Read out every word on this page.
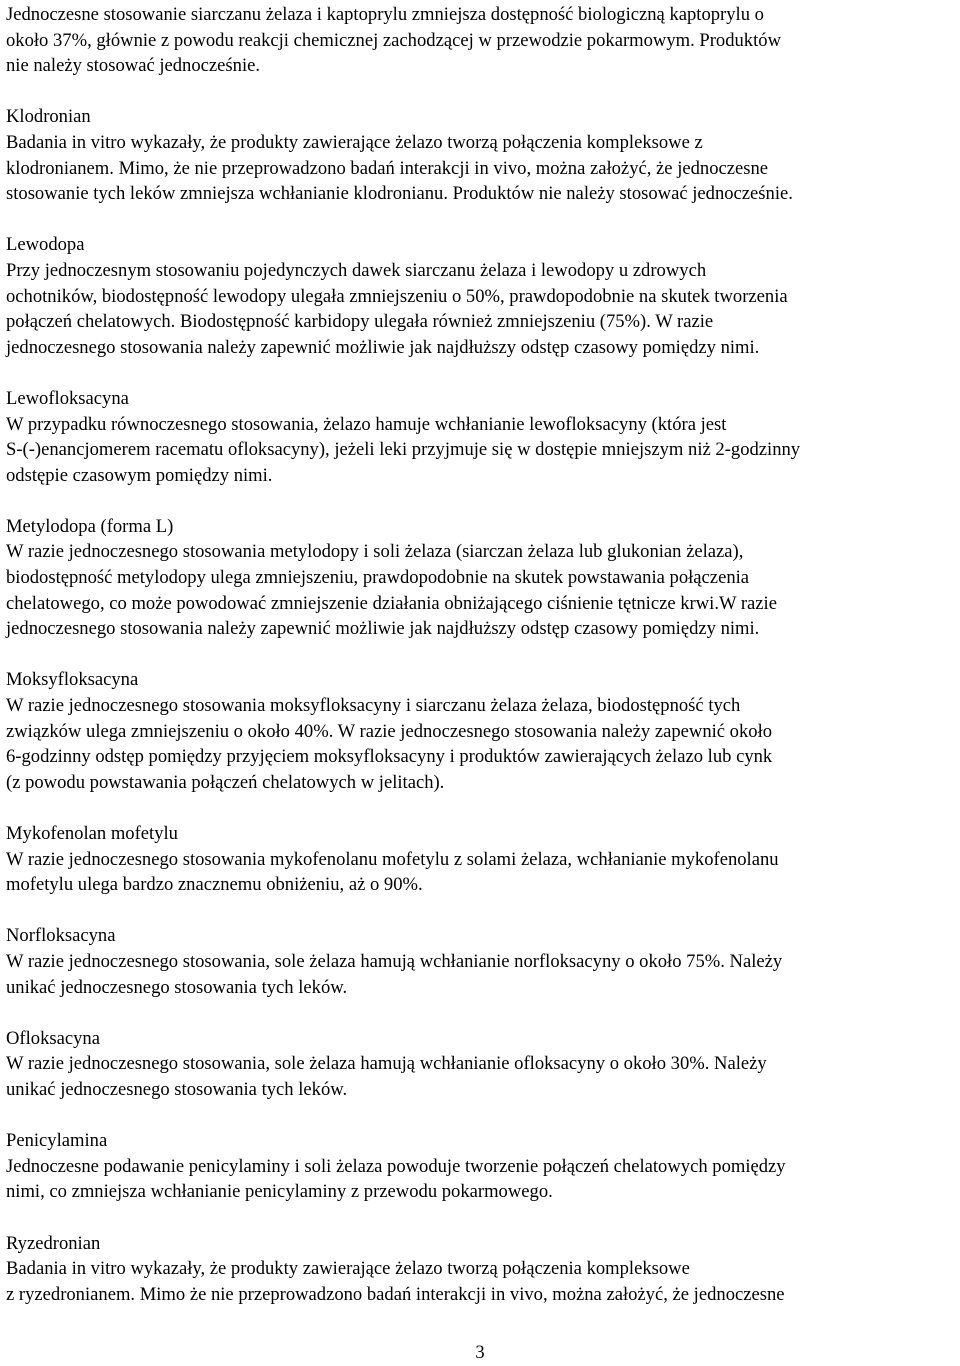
Jednoczesne stosowanie siarczanu żelaza i kaptoprylu zmniejsza dostępność biologiczną kaptoprylu o
około 37%, głównie z powodu reakcji chemicznej zachodzącej w przewodzie pokarmowym. Produktów
nie należy stosować jednocześnie.

Klodronian

Badania in vitro wykazały, że produkty zawierające żelazo tworzą połączenia kompleksowe z
klodronianem. Mimo, że nie przeprowadzono badań interakcji in vivo, można założyć, że jednoczesne
stosowanie tych leków zmniejsza wchłanianie klodronianu. Produktów nie należy stosować jednocześnie.

Lewodopa

Przy jednoczesnym stosowaniu pojedynczych dawek siarczanu żelaza i lewodopy u zdrowych
ochotników, biodostępność lewodopy ulegała zmniejszeniu o 50%, prawdopodobnie na skutek tworzenia
połączeń chelatowych. Biodostępność karbidopy ulegała również zmniejszeniu (75%). W razie
jednoczesnego stosowania należy zapewnić możliwie jak najdłuższy odstęp czasowy pomiędzy nimi.

Lewofloksacyna

W przypadku równoczesnego stosowania, żelazo hamuje wchłanianie lewofloksacyny (która jest
S-(-)enancjomerem racematu ofloksacyny), jeżeli leki przyjmuje się w dostępie mniejszym niż 2-godzinny
odstępie czasowym pomiędzy nimi.

Metylodopa (forma L)

W razie jednoczesnego stosowania metylodopy i soli żelaza (siarczan żelaza lub glukonian żelaza),
biodostępność metylodopy ulega zmniejszeniu, prawdopodobnie na skutek powstawania połączenia
chelatowego, co może powodować zmniejszenie działania obniżającego ciśnienie tętnicze krwi.W razie
jednoczesnego stosowania należy zapewnić możliwie jak najdłuższy odstęp czasowy pomiędzy nimi.

Moksyfloksacyna

W razie jednoczesnego stosowania moksyfloksacyny i siarczanu żelaza żelaza, biodostępność tych
związków ulega zmniejszeniu o około 40%. W razie jednoczesnego stosowania należy zapewnić około
6-godzinny odstęp pomiędzy przyjęciem moksyfloksacyny i produktów zawierających żelazo lub cynk
(z powodu powstawania połączeń chelatowych w jelitach).

Mykofenolan mofetylu

W razie jednoczesnego stosowania mykofenolanu mofetylu z solami żelaza, wchłanianie mykofenolanu
mofetylu ulega bardzo znacznemu obniżeniu, aż o 90%.

Norfloksacyna

W razie jednoczesnego stosowania, sole żelaza hamują wchłanianie norfloksacyny o około 75%. Należy
unikać jednoczesnego stosowania tych leków.

Ofloksacyna

W razie jednoczesnego stosowania, sole żelaza hamują wchłanianie ofloksacyny o około 30%. Należy
unikać jednoczesnego stosowania tych leków.

Penicylamina

Jednoczesne podawanie penicylaminy i soli żelaza powoduje tworzenie połączeń chelatowych pomiędzy
nimi, co zmniejsza wchłanianie penicylaminy z przewodu pokarmowego.

Ryzedronian

Badania in vitro wykazały, że produkty zawierające żelazo tworzą połączenia kompleksowe
z ryzedronianem. Mimo że nie przeprowadzono badań interakcji in vivo, można założyć, że jednoczesne

3
